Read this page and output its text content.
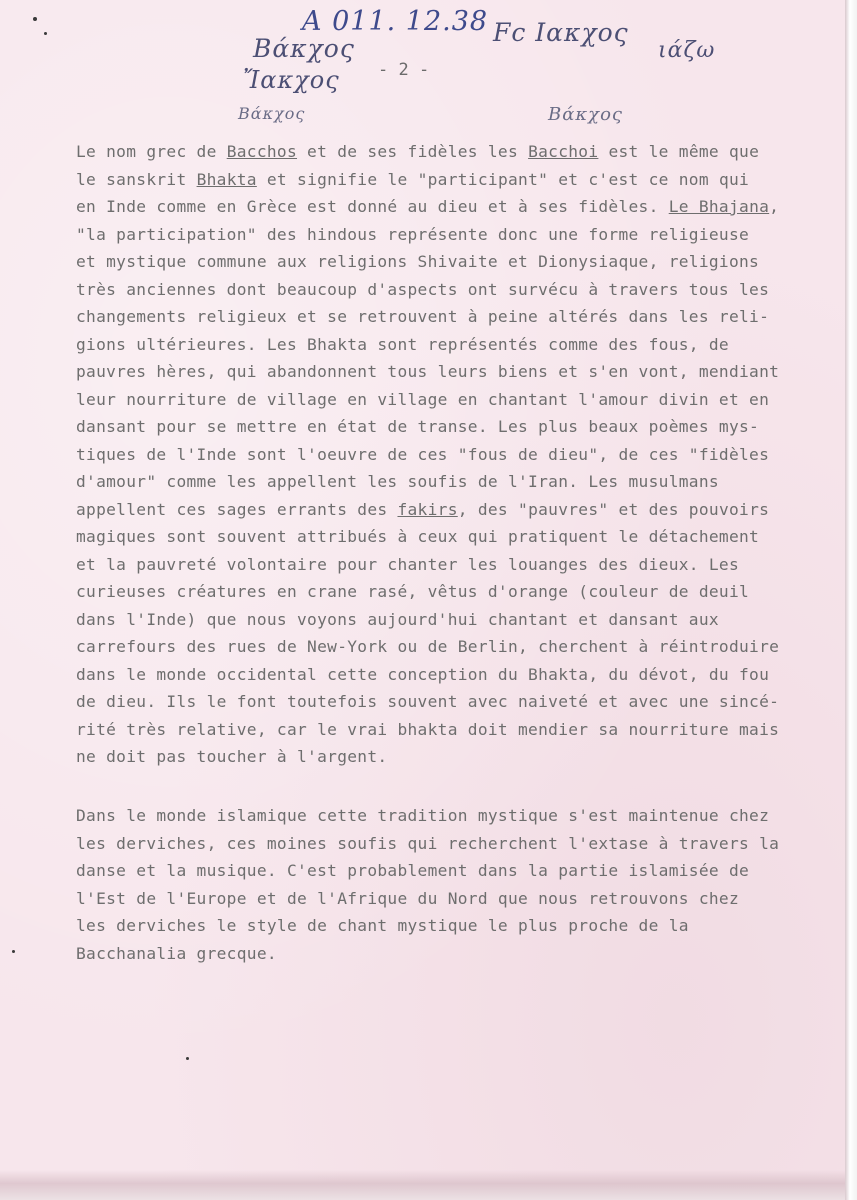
A 011. 12.38
Βάκχος
Fc Ιακχος
ιάζω
Ἴακχος
Βάκχος	Βάκχος
- 2 -
Le nom grec de Bacchos et de ses fidèles les Bacchoi est le même que
le sanskrit Bhakta et signifie le "participant" et c'est ce nom qui
en Inde comme en Grèce est donné au dieu et à ses fidèles. Le Bhajana,
"la participation" des hindous représente donc une forme religieuse
et mystique commune aux religions Shivaite et Dionysiaque, religions
très anciennes dont beaucoup d'aspects ont survécu à travers tous les
changements religieux et se retrouvent à peine altérés dans les reli-
gions ultérieures. Les Bhakta sont représentés comme des fous, de
pauvres hères, qui abandonnent tous leurs biens et s'en vont, mendiant
leur nourriture de village en village en chantant l'amour divin et en
dansant pour se mettre en état de transe. Les plus beaux poèmes mys-
tiques de l'Inde sont l'oeuvre de ces "fous de dieu", de ces "fidèles
d'amour" comme les appellent les soufis de l'Iran. Les musulmans
appellent ces sages errants des fakirs, des "pauvres" et des pouvoirs
magiques sont souvent attribués à ceux qui pratiquent le détachement
et la pauvreté volontaire pour chanter les louanges des dieux. Les
curieuses créatures en crane rasé, vêtus d'orange (couleur de deuil
dans l'Inde) que nous voyons aujourd'hui chantant et dansant aux
carrefours des rues de New-York ou de Berlin, cherchent à réintroduire
dans le monde occidental cette conception du Bhakta, du dévot, du fou
de dieu. Ils le font toutefois souvent avec naiveté et avec une sincé-
rité très relative, car le vrai bhakta doit mendier sa nourriture mais
ne doit pas toucher à l'argent.
Dans le monde islamique cette tradition mystique s'est maintenue chez
les derviches, ces moines soufis qui recherchent l'extase à travers la
danse et la musique. C'est probablement dans la partie islamisée de
l'Est de l'Europe et de l'Afrique du Nord que nous retrouvons chez
les derviches le style de chant mystique le plus proche de la
Bacchanalia grecque.
